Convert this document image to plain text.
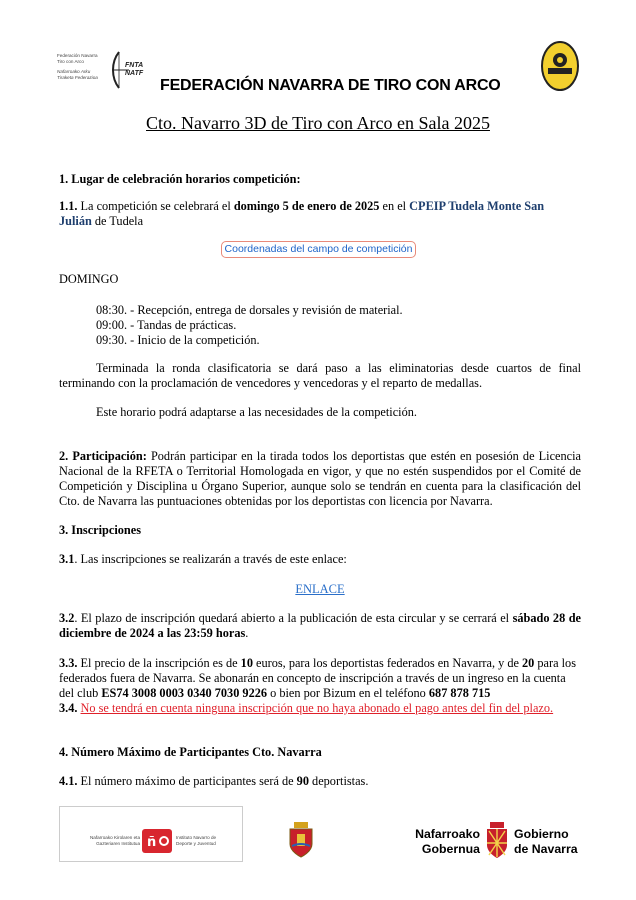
Federación Navarra
Tiro con Arco
Nafarroako Arku
Tiraketa Federazioa
FNTA NATF
FEDERACIÓN NAVARRA DE TIRO CON ARCO
Cto. Navarro 3D de Tiro con Arco en Sala 2025
1. Lugar de celebración horarios competición:
1.1. La competición se celebrará el domingo 5 de enero de 2025 en el CPEIP Tudela Monte San Julián de Tudela
Coordenadas del campo de competición
DOMINGO
08:30. - Recepción, entrega de dorsales y revisión de material.
09:00. - Tandas de prácticas.
09:30. - Inicio de la competición.
Terminada la ronda clasificatoria se dará paso a las eliminatorias desde cuartos de final terminando con la proclamación de vencedores y vencedoras y el reparto de medallas.
Este horario podrá adaptarse a las necesidades de la competición.
2. Participación: Podrán participar en la tirada todos los deportistas que estén en posesión de Licencia Nacional de la RFETA o Territorial Homologada en vigor, y que no estén suspendidos por el Comité de Competición y Disciplina u Órgano Superior, aunque solo se tendrán en cuenta para la clasificación del Cto. de Navarra las puntuaciones obtenidas por los deportistas con licencia por Navarra.
3. Inscripciones
3.1. Las inscripciones se realizarán a través de este enlace:
ENLACE
3.2. El plazo de inscripción quedará abierto a la publicación de esta circular y se cerrará el sábado 28 de diciembre de 2024 a las 23:59 horas.
3.3. El precio de la inscripción es de 10 euros, para los deportistas federados en Navarra, y de 20 para los federados fuera de Navarra. Se abonarán en concepto de inscripción a través de un ingreso en la cuenta del club ES74 3008 0003 0340 7030 9226 o bien por Bizum en el teléfono 687 878 715
3.4. No se tendrá en cuenta ninguna inscripción que no haya abonado el pago antes del fin del plazo.
4. Número Máximo de Participantes Cto. Navarra
4.1. El número máximo de participantes será de 90 deportistas.
Nafarroako Kirolaren eta
Gazteriaren Institutua ñ	Instituto Navarro de
Deporte y Juventud
Nafarroako
Gobernua
Gobierno
de Navarra
